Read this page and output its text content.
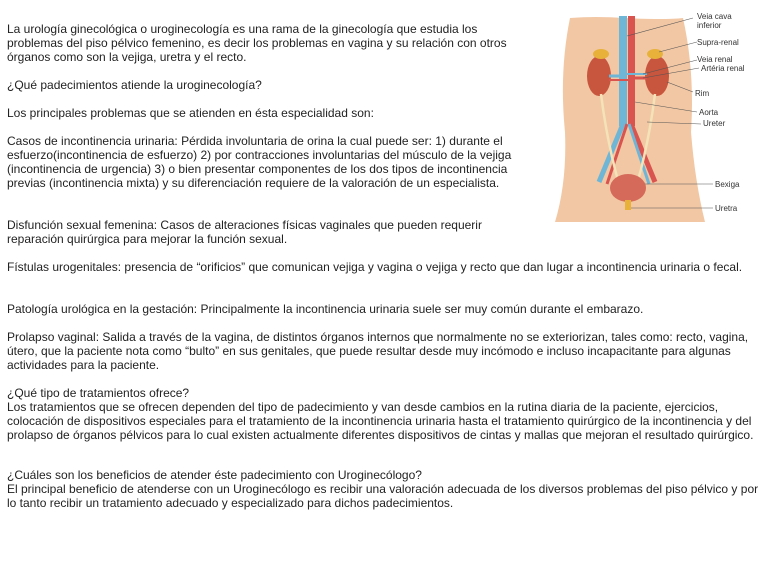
La urología ginecológica o uroginecología es una rama de la ginecología que estudia los problemas del piso pélvico femenino, es decir los problemas en vagina y su relación con otros órganos como son la vejiga, uretra y el recto.

¿Qué padecimientos atiende la uroginecología?

Los principales problemas que se atienden en ésta especialidad son:

Casos de incontinencia urinaria: Pérdida involuntaria de orina la cual puede ser: 1) durante el esfuerzo(incontinencia de esfuerzo) 2) por contracciones involuntarias del músculo de la vejiga (incontinencia de urgencia) 3) o bien presentar componentes de los dos tipos de incontinencia previas (incontinencia mixta) y su diferenciación requiere de la valoración de un especialista.

Disfunción sexual femenina: Casos de alteraciones físicas vaginales que pueden requerir reparación quirúrgica para mejorar la función sexual.

Fístulas urogenitales: presencia de “orificios” que comunican vejiga y vagina o vejiga y recto que dan lugar a incontinencia urinaria o fecal.

Patología urológica en la gestación: Principalmente la incontinencia urinaria suele ser muy común durante el embarazo.

Prolapso vaginal: Salida a través de la vagina, de distintos órganos internos que normalmente no se exteriorizan, tales como: recto, vagina, útero, que la paciente nota como “bulto” en sus genitales, que puede resultar desde muy incómodo e incluso incapacitante para algunas actividades para la paciente.

¿Qué tipo de tratamientos ofrece?

Los tratamientos que se ofrecen dependen del tipo de padecimiento y van desde cambios en la rutina diaria de la paciente, ejercicios, colocación de dispositivos especiales para el tratamiento de la incontinencia urinaria hasta el tratamiento quirúrgico de la incontinencia y del prolapso de órganos pélvicos para lo cual existen actualmente diferentes dispositivos de cintas y mallas que mejoran el resultado quirúrgico.

¿Cuáles son los beneficios de atender éste padecimiento con Uroginecólogo?

El principal beneficio de atenderse con un Uroginecólogo es recibir una valoración adecuada de los diversos problemas del piso pélvico y por lo tanto recibir un tratamiento adecuado y especializado para dichos padecimientos.

Veia cava
inferior
Supra-renal
Veia renal
Artéria renal
Rim
Aorta
Ureter
Bexiga
Uretra
